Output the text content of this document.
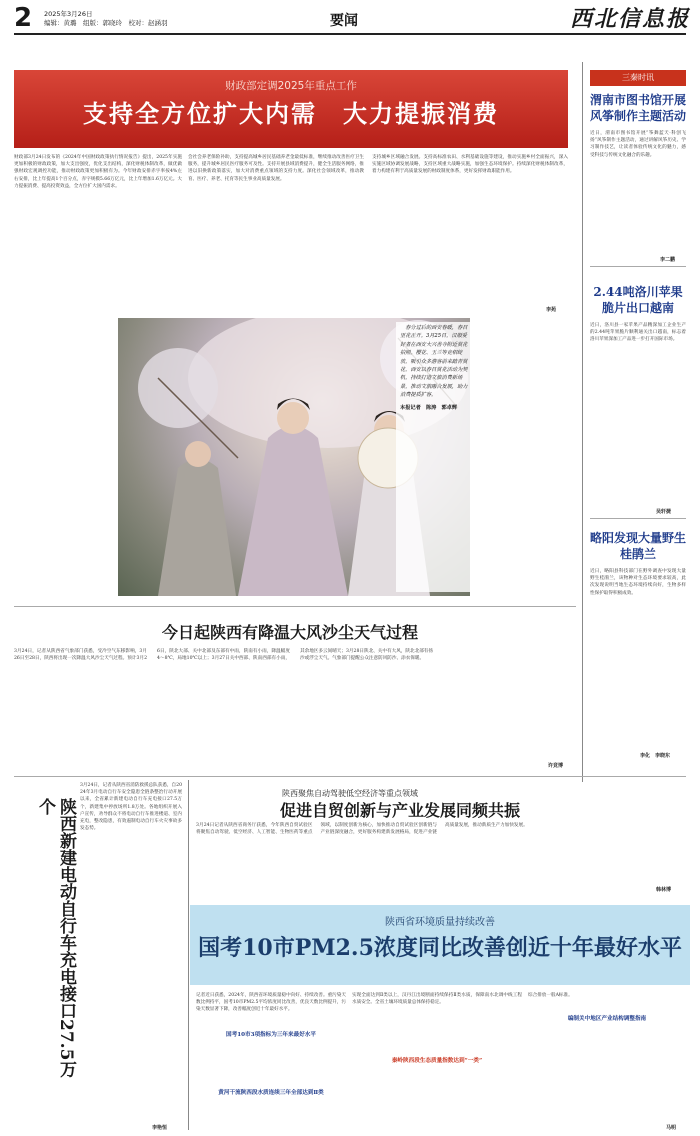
2 2025年3月26日
编辑：黄璐　组版：郭晓玲　校对：赵涵羽	要闻	西北信息报
财政部定调2025年重点工作
支持全方位扩大内需　大力提振消费
财政部3月24日发布的《2024年中国财政政策执行情况报告》提出，2025年实施更加积极的财政政策，加大支出强度，优化支出结构，深化财税体制改革，做优做强财政宏观调控功能，推动财政政策更加积极有为。今年财政安排赤字率按4%左右安排，比上年提高1个百分点，赤字规模5.66万亿元，比上年增加1.6万亿元。大力提振消费、提高投资效益，全方位扩大国内需求。
会社会养老保险补助，支持提高城乡居民基础养老金最低标准，继续推动改善医疗卫生服务，提升城乡居民医疗服务可及性。支持开展县域消费提升，健全生活服务网络，推进以旧换新政策落实，加大对消费重点领域的支持力度。深化社会领域改革，推动教育、医疗、养老、托育等民生事业高质量发展。
支持城乡区域融合发展。支持高标准农田、水利基础设施等建设，推动实施乡村全面振兴，深入实施区域协调发展战略，支持区域重大战略实施，加强生态环境保护。持续深化财税体制改革，着力构建有利于高质量发展的财政制度体系，更好发挥财政职能作用。
李苑
　春分过后的西安春暖，春日里花正开。3月25日，汉服爱好者在西安大兴善寺附近赏花拍照。樱花、玉兰等竞相绽放，吸引众多游客前来踏青赏花。西安以春日赏花活动为契机，持续打造文旅消费新场景，推动文旅融合发展，助力消费提质扩容。
本报记者　陈涛　郭卓辉
三秦时讯
渭南市图书馆开展风筝制作主题活动
近日，渭南市图书馆开展“筝舞蓝天·科创飞扬”风筝制作主题活动，通过讲解风筝历史、学习制作技艺，让读者体验传统文化的魅力，感受科技与传统文化融合的乐趣。
李二鹏
2.44吨洛川苹果脆片出口越南
近日，洛川县一家苹果产品精深加工企业生产的2.44吨苹果脆片顺利通关出口越南，标志着洛川苹果深加工产品进一步打开国际市场。
吴轩捷
略阳发现大量野生桂鹃兰
近日，略阳县科技部门在野外调查中发现大量野生桂鹃兰，该物种对生态环境要求较高，此次发现说明当地生态环境持续向好，生物多样性保护取得积极成效。
李化　李晓东
今日起陕西有降温大风沙尘天气过程
3月24日，记者从陕西省气象部门获悉，受冷空气东移影响，3月26日至28日，陕西将出现一次降温大风沙尘天气过程。预计3月26日，陕北大部、关中北部及东部有中雨，陕南有小雨，降温幅度4～8℃，局地10℃以上；3月27日关中西部、陕南西部有小雨，其余地区多云间晴天；3月28日陕北、关中有大风，陕北北部有扬沙或浮尘天气。气象部门提醒公众注意防风防沙、添衣保暖。
许竞博
陕西新建电动自行车充电接口27.5万个
3月24日，记者从陕西省消防救援总队获悉，自2024年3月电动自行车安全隐患全链条整治行动开展以来，全省累计新建电动自行车充电接口27.5万个，新建集中停放场所1.8万处。各地组织开展入户宣传，劝导群众不将电动自行车推进楼道、室内充电，整改隐患，有效遏制电动自行车火灾事故多发态势。
李艳恒
陕西聚焦自动驾驶低空经济等重点领域
促进自贸创新与产业发展同频共振
3月24日记者从陕西省商务厅获悉，今年陕西自贸试验区将聚焦自动驾驶、低空经济、人工智能、生物医药等重点领域，以制度创新为核心，加快推动自贸试验区创新链与产业链深度融合，更好服务构建新发展格局，促进产业链高质量发展，推动新质生产力加快发展。
韩林博
陕西省环境质量持续改善
国考10市PM2.5浓度同比改善创近十年最好水平
记者近日获悉，2024年，陕西省环境质量稳中向好、持续改善。重污染天数比例持平，国考10市PM2.5平均浓度同比改善，优良天数比例提升，污染天数显著下降，改善幅度创近十年最好水平。
国考10市3项指标为三年来最好水平
黄河干流陕西段水质连续三年全部达到Ⅱ类
实现全面达到Ⅱ类以上，汉丹江出境断面持续保持Ⅱ类水质，保障南水北调中线工程水质安全。全省土壤环境质量总体保持稳定。
秦岭陕西段生态质量指数达到“一类”
综合排放一般A标准。
编制关中地区产业结构调整指南
马明
